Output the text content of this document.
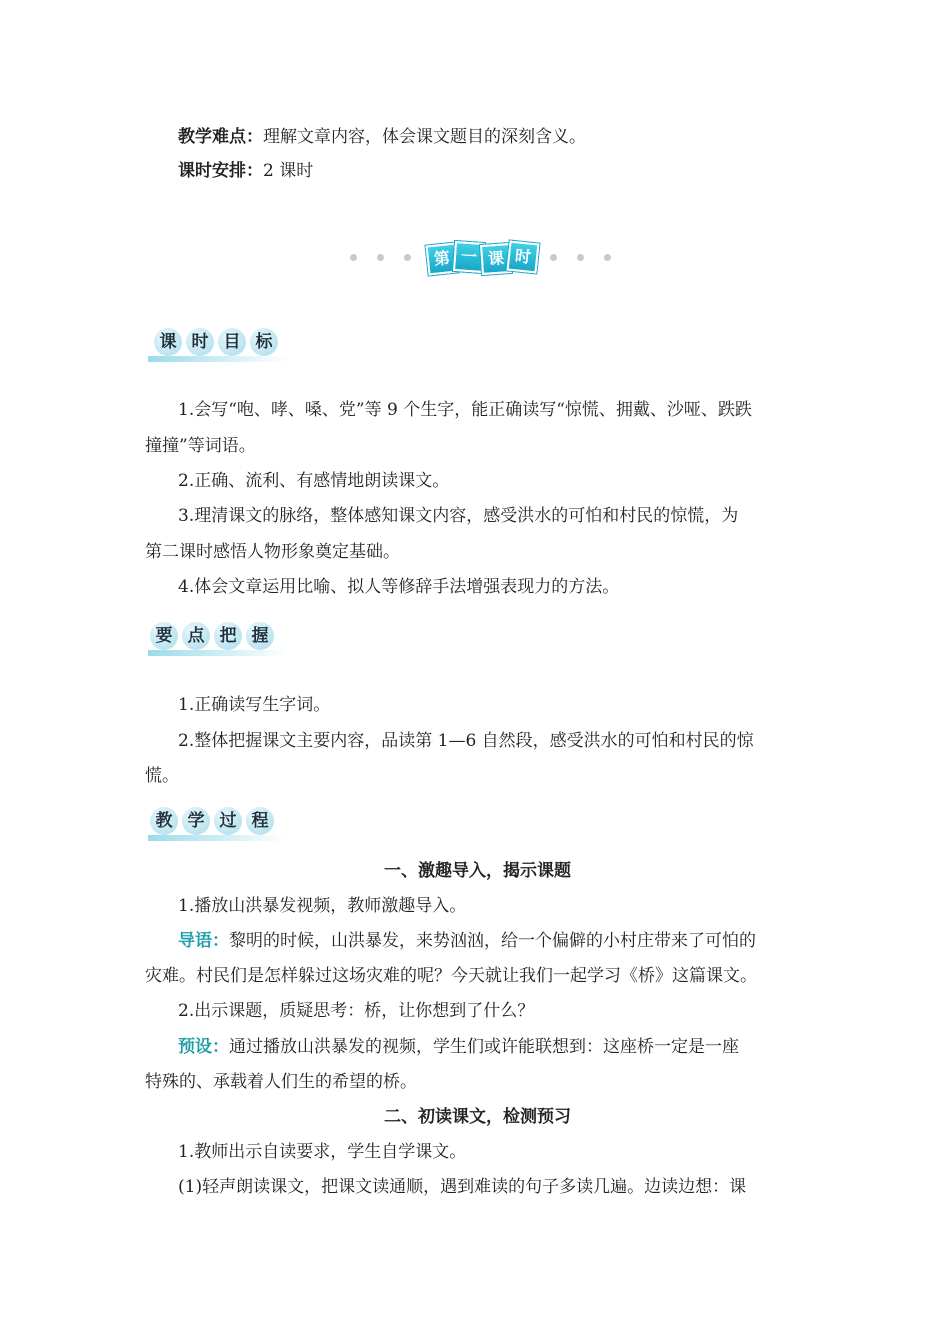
教学难点：理解文章内容，体会课文题目的深刻含义。
课时安排：2 课时
第 一 课 时
课 时 目 标
1.会写“咆、哮、嗓、党”等 9 个生字，能正确读写“惊慌、拥戴、沙哑、跌跌
撞撞”等词语。
2.正确、流利、有感情地朗读课文。
3.理清课文的脉络，整体感知课文内容，感受洪水的可怕和村民的惊慌，为
第二课时感悟人物形象奠定基础。
4.体会文章运用比喻、拟人等修辞手法增强表现力的方法。
要 点 把 握
1.正确读写生字词。
2.整体把握课文主要内容，品读第 1—6 自然段，感受洪水的可怕和村民的惊
慌。
教 学 过 程
一、激趣导入，揭示课题
1.播放山洪暴发视频，教师激趣导入。
导语：黎明的时候，山洪暴发，来势汹汹，给一个偏僻的小村庄带来了可怕的
灾难。村民们是怎样躲过这场灾难的呢？今天就让我们一起学习《桥》这篇课文。
2.出示课题，质疑思考：桥，让你想到了什么？
预设：通过播放山洪暴发的视频，学生们或许能联想到：这座桥一定是一座
特殊的、承载着人们生的希望的桥。
二、初读课文，检测预习
1.教师出示自读要求，学生自学课文。
(1)轻声朗读课文，把课文读通顺，遇到难读的句子多读几遍。边读边想：课
